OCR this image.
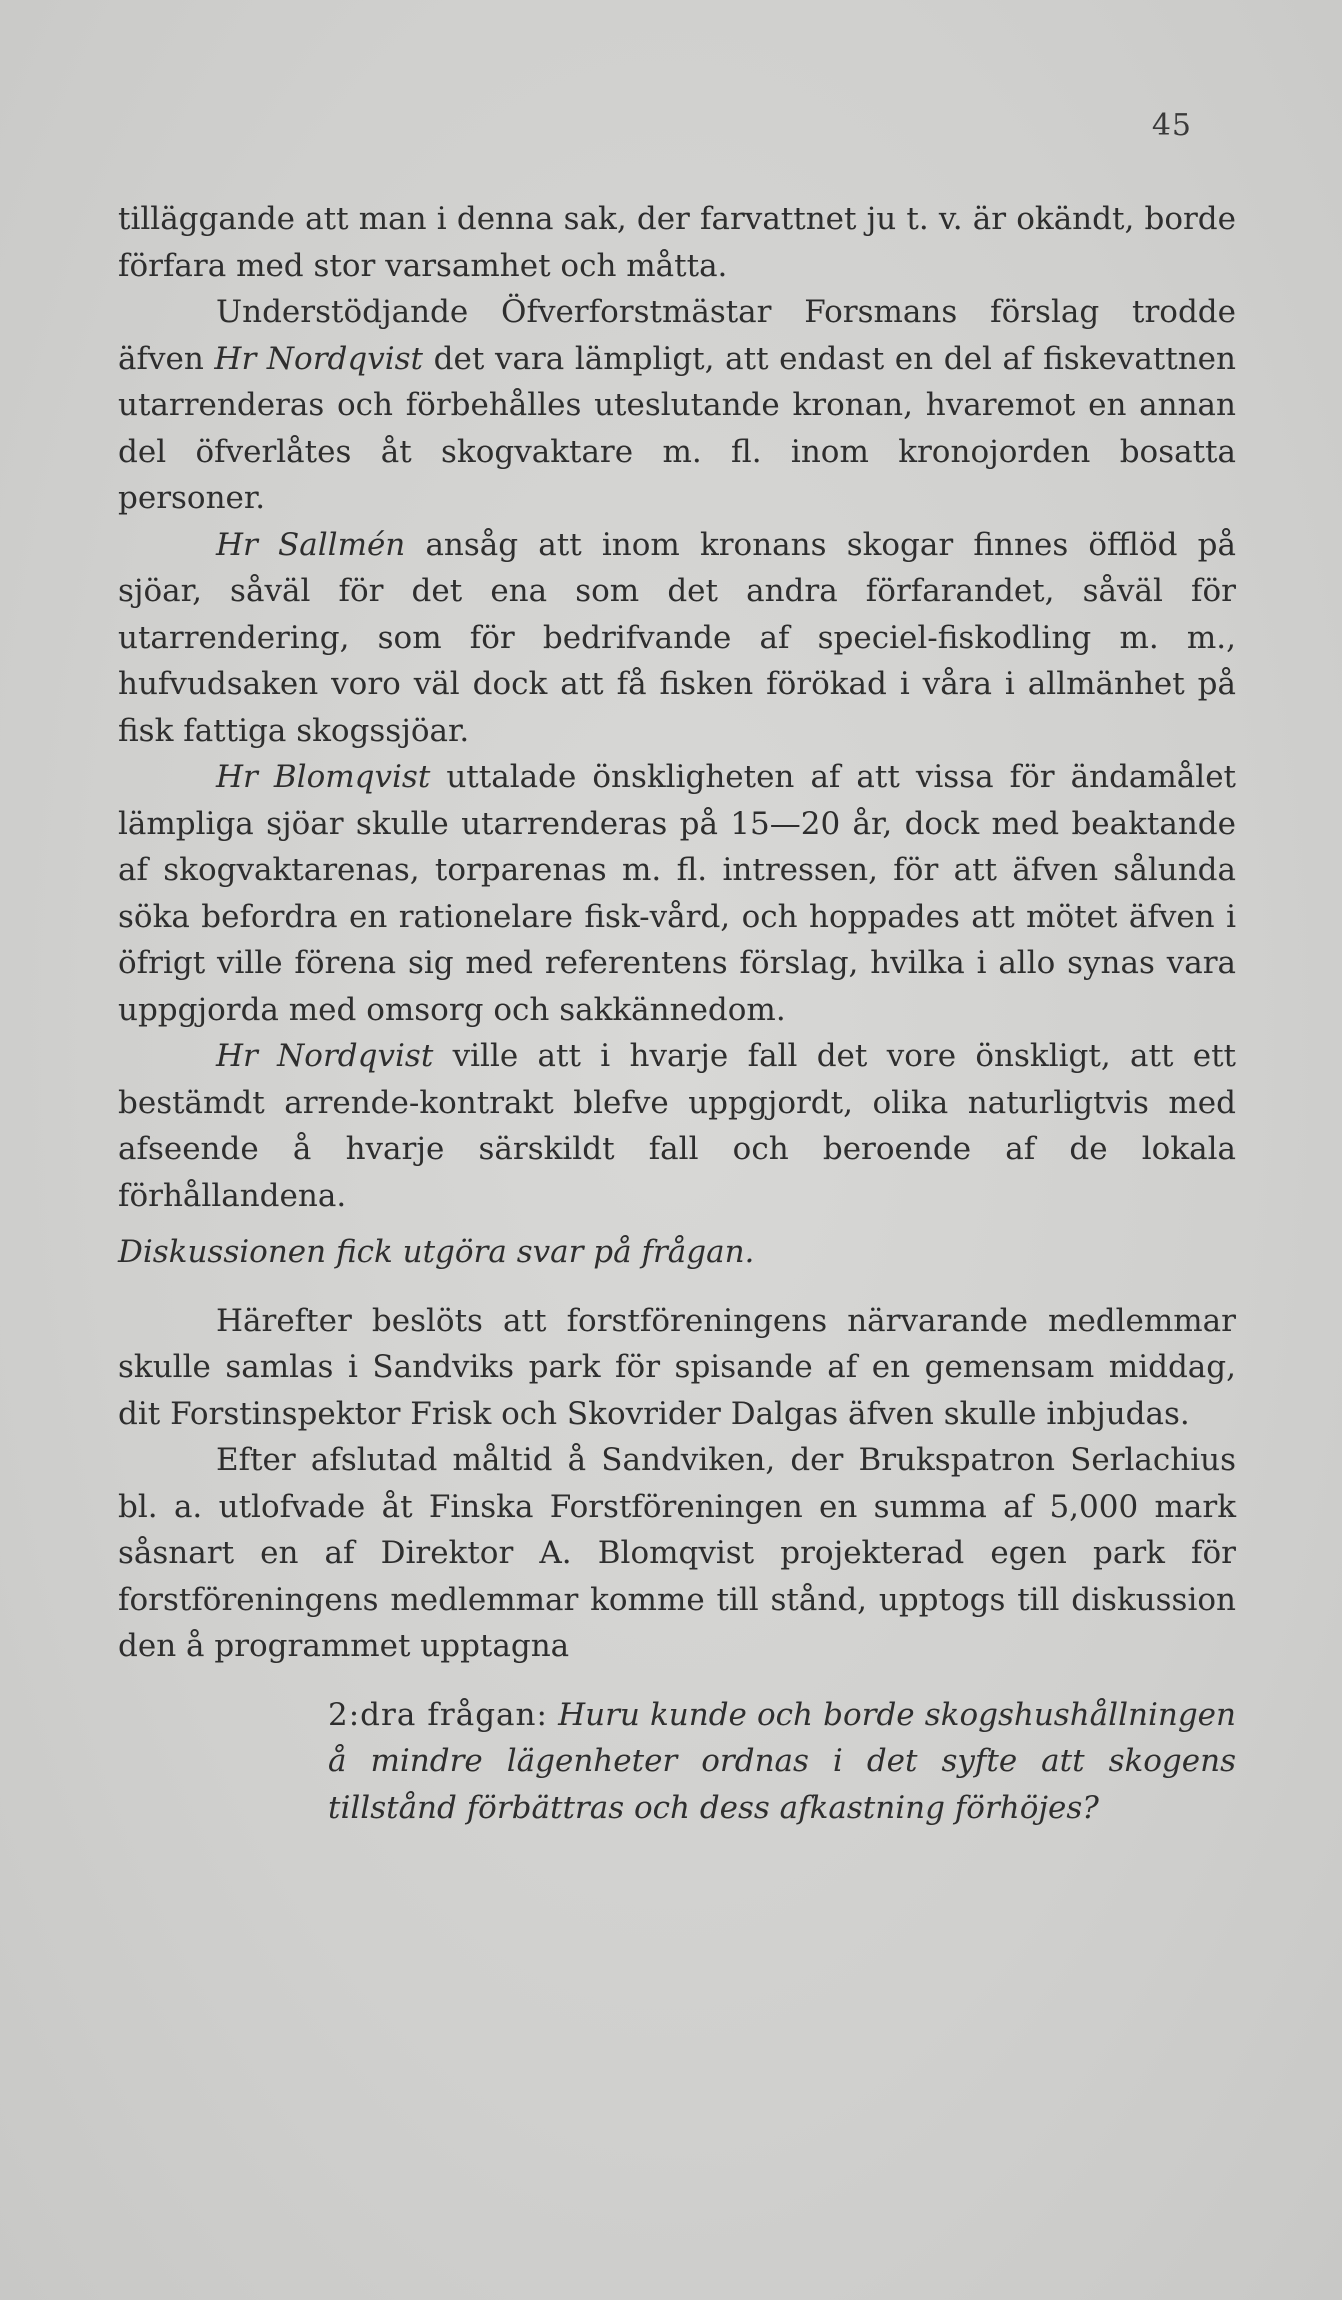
45

tilläggande att man i denna sak, der farvattnet ju t. v. är okändt, borde förfara med stor varsamhet och måtta.

Understödjande Öfverforstmästar Forsmans förslag trodde äfven Hr Nordqvist det vara lämpligt, att endast en del af fiskevattnen utarrenderas och förbehålles uteslutande kronan, hvaremot en annan del öfverlåtes åt skogvaktare m. fl. inom kronojorden bosatta personer.

Hr Sallmén ansåg att inom kronans skogar finnes öfflöd på sjöar, såväl för det ena som det andra förfarandet, såväl för utarrendering, som för bedrifvande af speciel-fiskodling m. m., hufvudsaken voro väl dock att få fisken förökad i våra i allmänhet på fisk fattiga skogssjöar.

Hr Blomqvist uttalade önskligheten af att vissa för ändamålet lämpliga sjöar skulle utarrenderas på 15—20 år, dock med beaktande af skogvaktarenas, torparenas m. fl. intressen, för att äfven sålunda söka befordra en rationelare fisk-vård, och hoppades att mötet äfven i öfrigt ville förena sig med referentens förslag, hvilka i allo synas vara uppgjorda med omsorg och sakkännedom.

Hr Nordqvist ville att i hvarje fall det vore önskligt, att ett bestämdt arrende-kontrakt blefve uppgjordt, olika naturligtvis med afseende å hvarje särskildt fall och beroende af de lokala förhållandena.

Diskussionen fick utgöra svar på frågan.

Härefter beslöts att forstföreningens närvarande medlemmar skulle samlas i Sandviks park för spisande af en gemensam middag, dit Forstinspektor Frisk och Skovrider Dalgas äfven skulle inbjudas.

Efter afslutad måltid å Sandviken, der Brukspatron Serlachius bl. a. utlofvade åt Finska Forstföreningen en summa af 5,000 mark såsnart en af Direktor A. Blomqvist projekterad egen park för forstföreningens medlemmar komme till stånd, upptogs till diskussion den å programmet upptagna

2:dra frågan: Huru kunde och borde skogshushållningen å mindre lägenheter ordnas i det syfte att skogens tillstånd förbättras och dess afkastning förhöjes?
